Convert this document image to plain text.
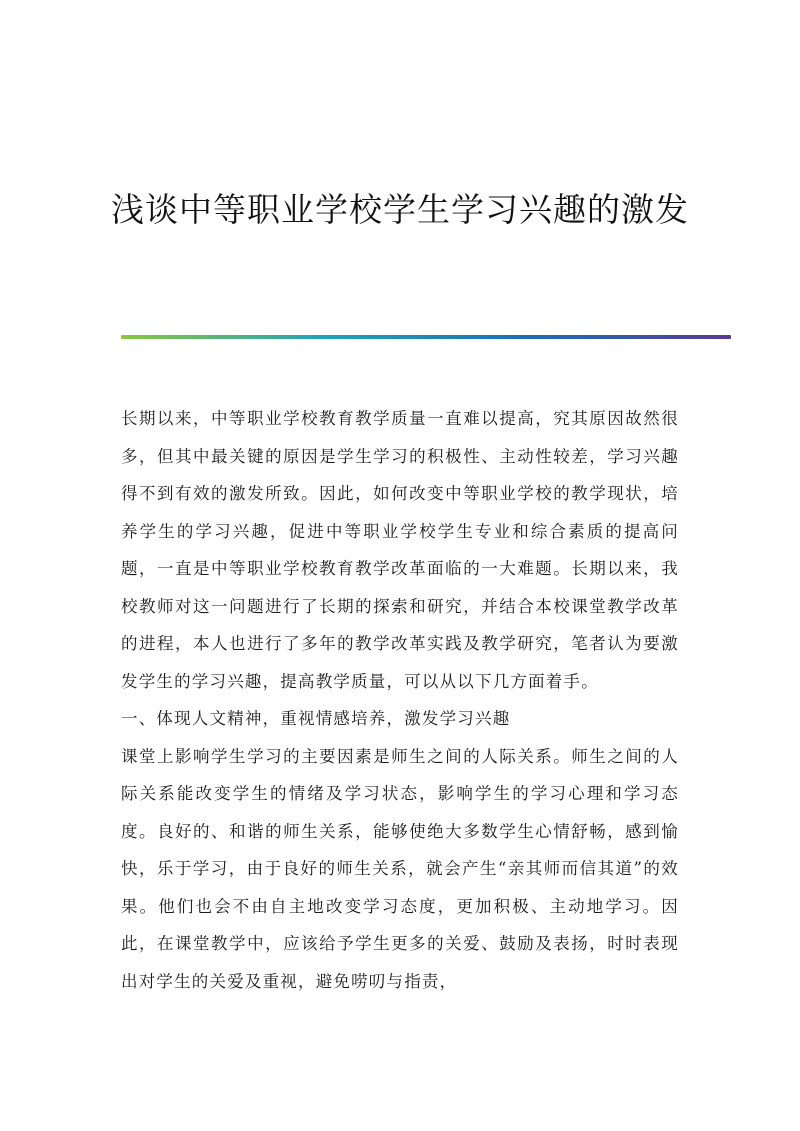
浅谈中等职业学校学生学习兴趣的激发

长期以来，中等职业学校教育教学质量一直难以提高，究其原因故然很多，但其中最关键的原因是学生学习的积极性、主动性较差，学习兴趣得不到有效的激发所致。因此，如何改变中等职业学校的教学现状，培养学生的学习兴趣，促进中等职业学校学生专业和综合素质的提高问题，一直是中等职业学校教育教学改革面临的一大难题。长期以来，我校教师对这一问题进行了长期的探索和研究，并结合本校课堂教学改革的进程，本人也进行了多年的教学改革实践及教学研究，笔者认为要激发学生的学习兴趣，提高教学质量，可以从以下几方面着手。

一、体现人文精神，重视情感培养，激发学习兴趣

课堂上影响学生学习的主要因素是师生之间的人际关系。师生之间的人际关系能改变学生的情绪及学习状态，影响学生的学习心理和学习态度。良好的、和谐的师生关系，能够使绝大多数学生心情舒畅，感到愉快，乐于学习，由于良好的师生关系，就会产生“亲其师而信其道”的效果。他们也会不由自主地改变学习态度，更加积极、主动地学习。因此，在课堂教学中，应该给予学生更多的关爱、鼓励及表扬，时时表现出对学生的关爱及重视，避免唠叨与指责，
